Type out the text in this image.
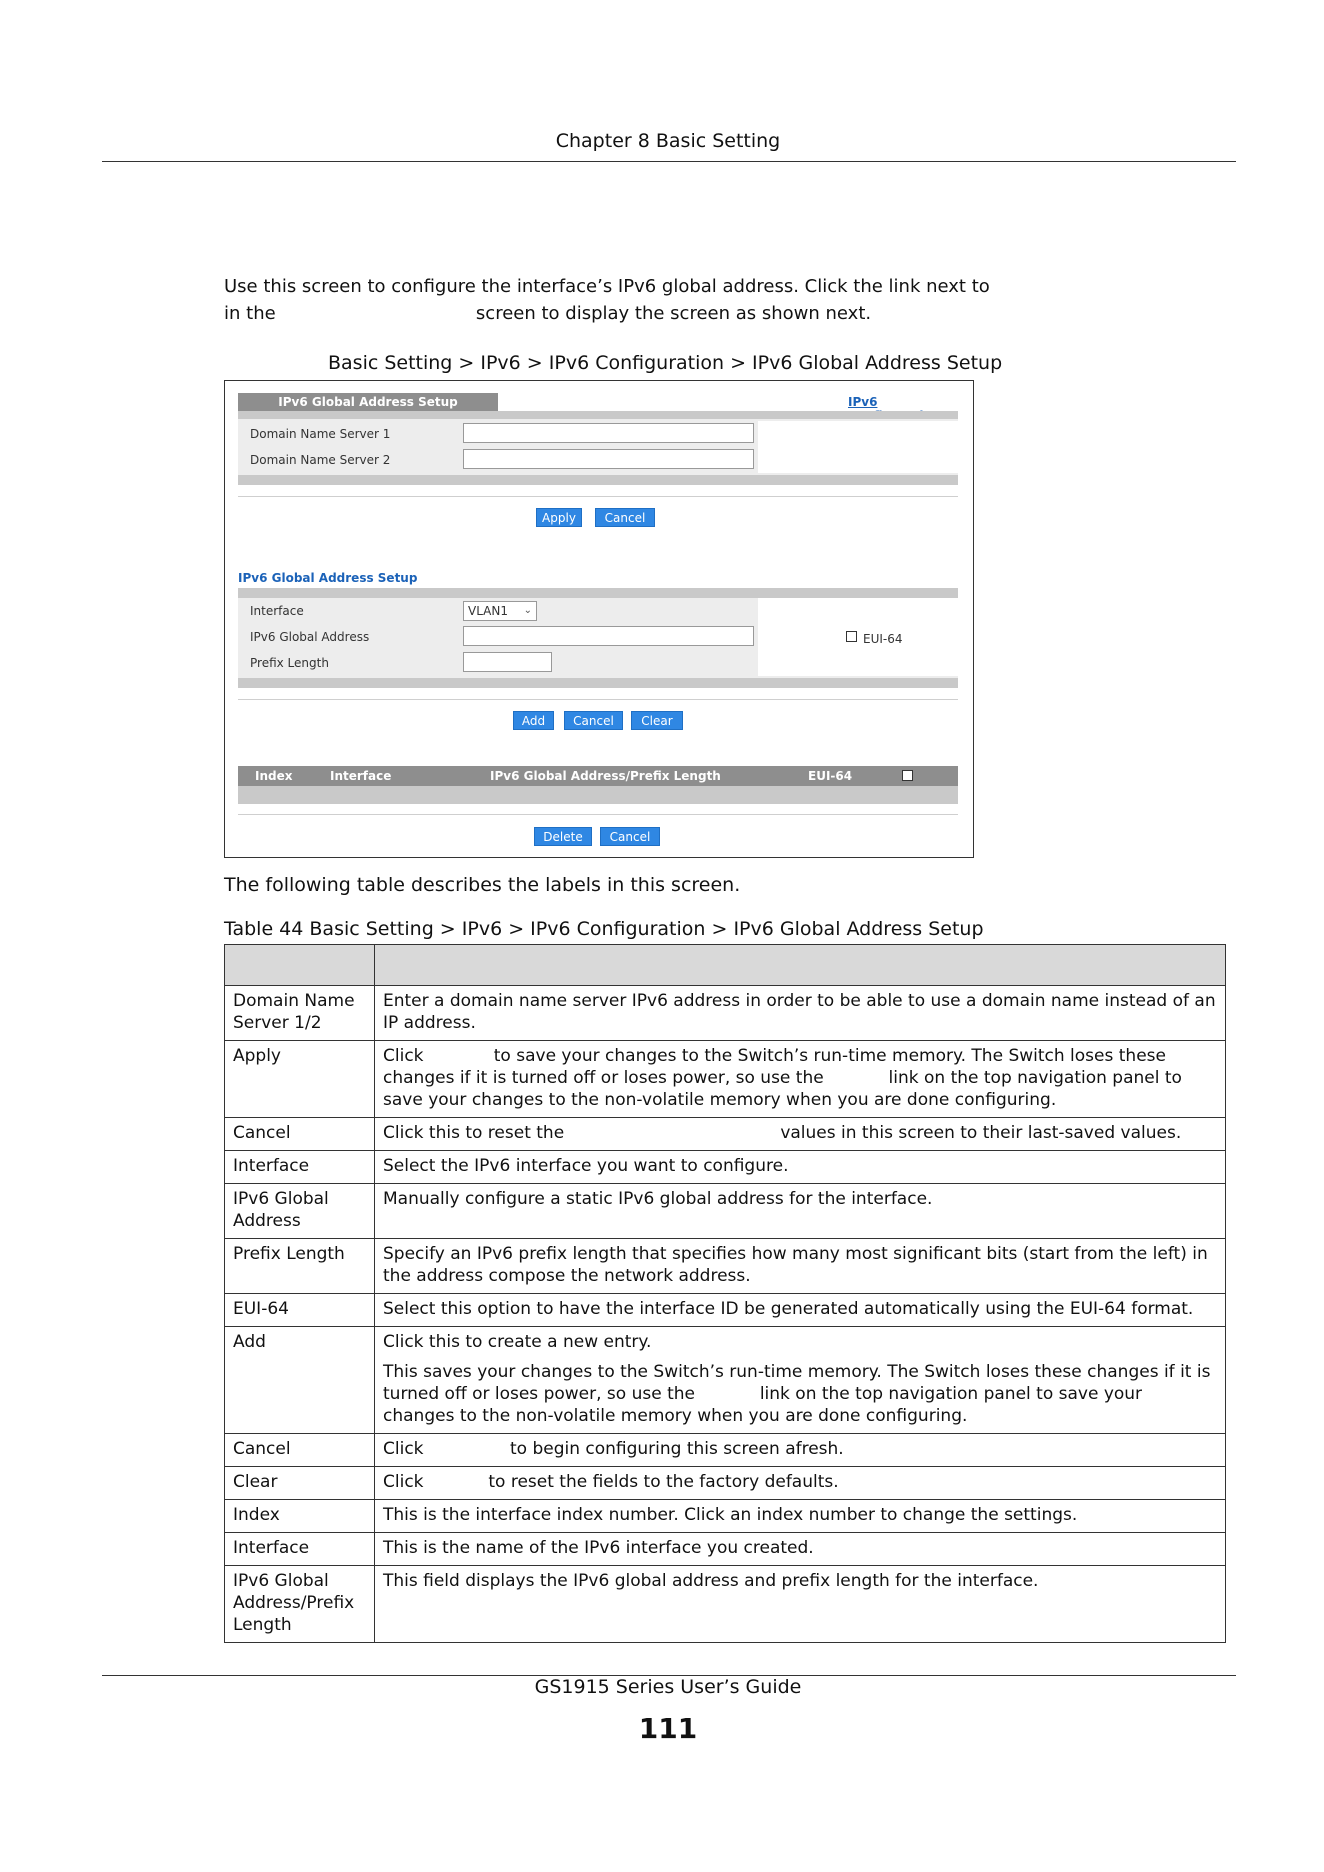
Chapter 8 Basic Setting
Use this screen to configure the interface’s IPv6 global address. Click the link next to
in the                                   screen to display the screen as shown next.
Basic Setting > IPv6 > IPv6 Configuration > IPv6 Global Address Setup
IPv6 Global Address Setup	IPv6
Domain Name Server 1
Domain Name Server 2
Apply	Cancel
IPv6 Global Address Setup
Interface	VLAN1 ⌄
IPv6 Global Address	EUI-64
Prefix Length
Add	Cancel	Clear
Index	Interface	IPv6 Global Address/Prefix Length	EUI-64
Delete	Cancel
The following table describes the labels in this screen.
Table 44 Basic Setting > IPv6 > IPv6 Configuration > IPv6 Global Address Setup

Domain Name Server 1/2	Enter a domain name server IPv6 address in order to be able to use a domain name instead of an IP address.

Apply	Click             to save your changes to the Switch’s run-time memory. The Switch loses these changes if it is turned off or loses power, so use the            link on the top navigation panel to save your changes to the non-volatile memory when you are done configuring.

Cancel	Click this to reset the                                        values in this screen to their last-saved values.

Interface	Select the IPv6 interface you want to configure.

IPv6 Global Address	Manually configure a static IPv6 global address for the interface.

Prefix Length	Specify an IPv6 prefix length that specifies how many most significant bits (start from the left) in the address compose the network address.

EUI-64	Select this option to have the interface ID be generated automatically using the EUI-64 format.

Add	Click this to create a new entry.

This saves your changes to the Switch’s run-time memory. The Switch loses these changes if it is turned off or loses power, so use the            link on the top navigation panel to save your changes to the non-volatile memory when you are done configuring.

Cancel	Click                to begin configuring this screen afresh.

Clear	Click            to reset the fields to the factory defaults.

Index	This is the interface index number. Click an index number to change the settings.

Interface	This is the name of the IPv6 interface you created.

IPv6 Global Address/Prefix Length	This field displays the IPv6 global address and prefix length for the interface.

GS1915 Series User’s Guide
111
